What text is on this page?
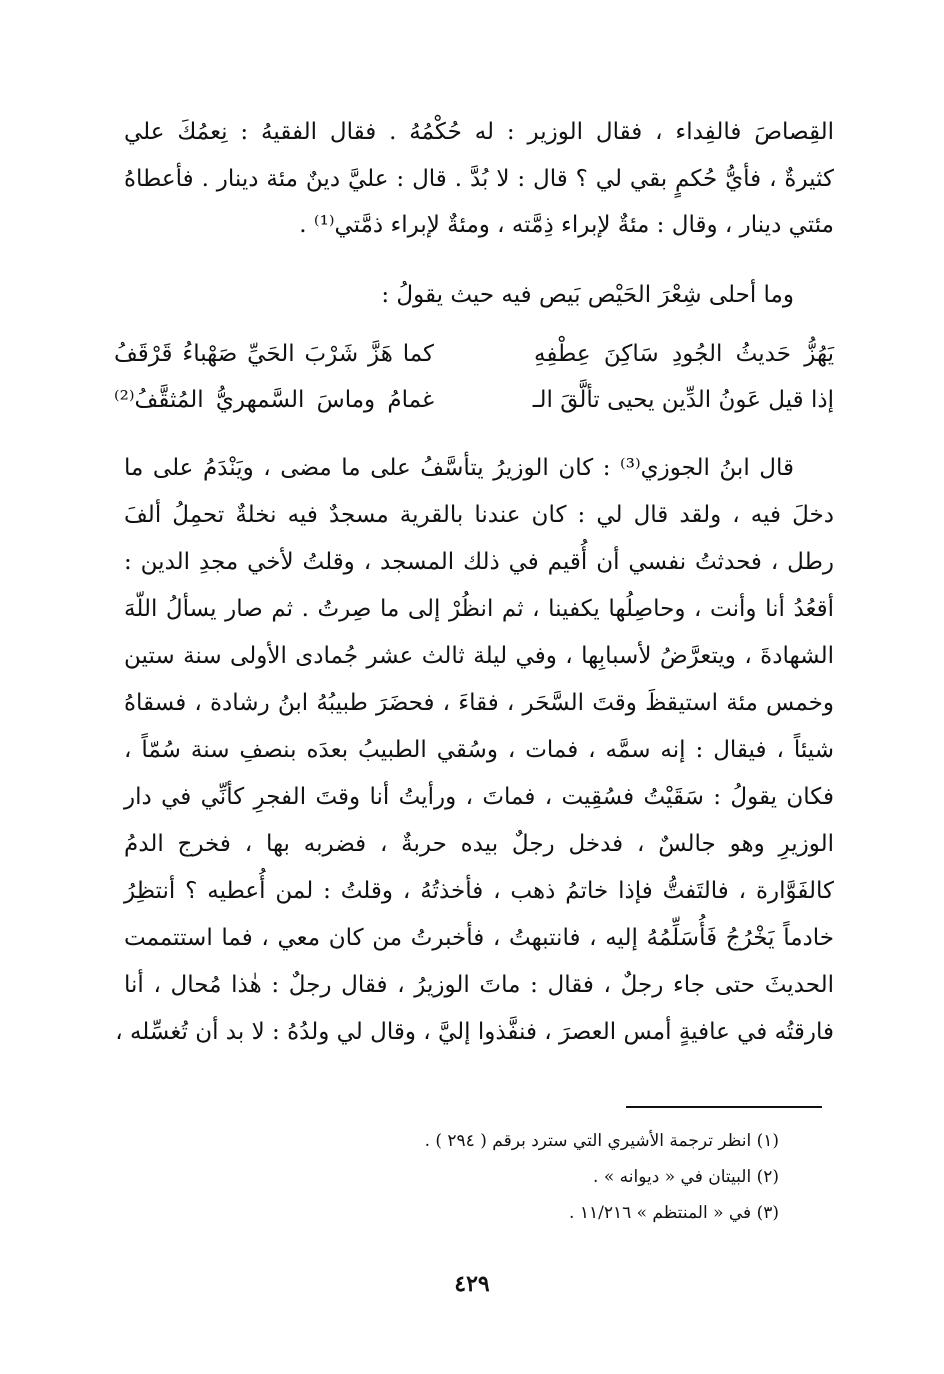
القِصاصَ فالفِداء ، فقال الوزير : له حُكْمُهُ . فقال الفقيهُ : نِعمُكَ علي
كثيرةٌ ، فأيُّ حُكمٍ بقي لي ؟ قال : لا بُدَّ . قال : عليَّ دينٌ مئة دينار . فأعطاهُ
مئتي دينار ، وقال : مئةٌ لإبراء ذِمَّته ، ومئةٌ لإبراء ذمَّتي⁽¹⁾ .
وما أحلى شِعْرَ الحَيْص بَيص فيه حيث يقولُ :
يَهُزُّ حَديثُ الجُودِ سَاكِنَ عِطْفِهِ
كما هَزَّ شَرْبَ الحَيِّ صَهْباءُ قَرْقَفُ
إذا قيل عَونُ الدِّين يحيى تألَّقَ الـ
غمامُ وماسَ السَّمهريُّ المُثقَّفُ⁽²⁾
قال ابنُ الجوزي⁽³⁾ : كان الوزيرُ يتأسَّفُ على ما مضى ، ويَنْدَمُ على ما
دخلَ فيه ، ولقد قال لي : كان عندنا بالقرية مسجدٌ فيه نخلةٌ تحمِلُ ألفَ
رطل ، فحدثتُ نفسي أن أُقيم في ذلك المسجد ، وقلتُ لأخي مجدِ الدين :
أقعُدُ أنا وأنت ، وحاصِلُها يكفينا ، ثم انظُرْ إلى ما صِرتُ . ثم صار يسألُ اللّهَ
الشهادةَ ، ويتعرَّضُ لأسبابِها ، وفي ليلة ثالث عشر جُمادى الأولى سنة ستين
وخمس مئة استيقظَ وقتَ السَّحَر ، فقاءَ ، فحضَرَ طبيبُهُ ابنُ رشادة ، فسقاهُ
شيئاً ، فيقال : إنه سمَّه ، فمات ، وسُقي الطبيبُ بعدَه بنصفِ سنة سُمّاً ،
فكان يقولُ : سَقَيْتُ فسُقِيت ، فماتَ ، ورأيتُ أنا وقتَ الفجرِ كأنِّي في دار
الوزيرِ وهو جالسٌ ، فدخل رجلٌ بيده حربةٌ ، فضربه بها ، فخرج الدمُ
كالفَوَّارة ، فالتَفتُّ فإذا خاتمُ ذهب ، فأخذتُهُ ، وقلتُ : لمن أُعطيه ؟ أنتظِرُ
خادماً يَخْرُجُ فَأُسَلِّمُهُ إليه ، فانتبهتُ ، فأخبرتُ من كان معي ، فما استتممت
الحديثَ حتى جاء رجلٌ ، فقال : ماتَ الوزيرُ ، فقال رجلٌ : هٰذا مُحال ، أنا
فارقتُه في عافيةٍ أمس العصرَ ، فنفَّذوا إليَّ ، وقال لي ولدُهُ : لا بد أن تُغسِّله ،
(١) انظر ترجمة الأشيري التي سترد برقم ( ٢٩٤ ) .
(٢) البيتان في « ديوانه » .
(٣) في « المنتظم » ١١/٢١٦ .
٤٢٩
